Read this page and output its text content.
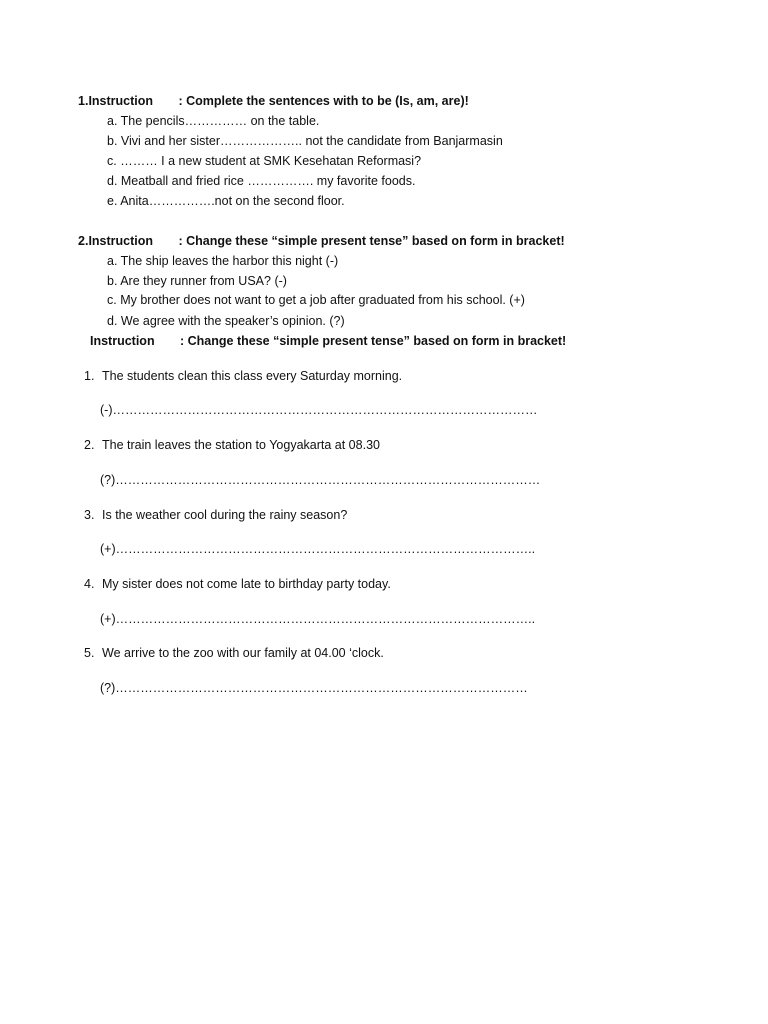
1.Instruction : Complete the sentences with to be (Is, am, are)!
a. The pencils…………… on the table.
b. Vivi and her sister……………….. not the candidate from Banjarmasin
c. ……… I a new student at SMK Kesehatan Reformasi?
d. Meatball and fried rice ……………. my favorite foods.
e. Anita…………….not on the second floor.
2.Instruction : Change these “simple present tense” based on form in bracket!
a. The ship leaves the harbor this night (-)
b. Are they runner from USA? (-)
c. My brother does not want to get a job after graduated from his school. (+)
d. We agree with the speaker’s opinion. (?)
Instruction : Change these “simple present tense” based on form in bracket!
1. The students clean this class every Saturday morning.
(-)…………………………………………………………………………………………
2. The train leaves the station to Yogyakarta at 08.30
(?)…………………………………………………………………………………………
3. Is the weather cool during the rainy season?
(+)………………………………………………………………………………………..
4. My sister does not come late to birthday party today.
(+)………………………………………………………………………………………..
5. We arrive to the zoo with our family at 04.00 ‘clock.
(?)………………………………………………………………………………………
